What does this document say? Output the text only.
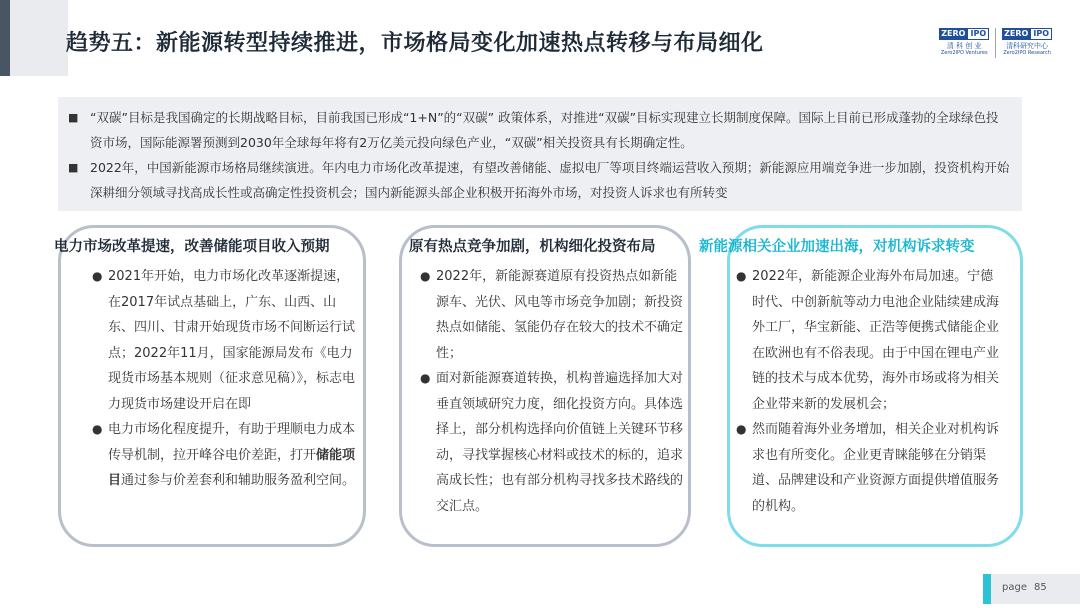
趋势五：新能源转型持续推进，市场格局变化加速热点转移与布局细化	ZERO IPO
清 科 创 业
Zero2IPO Ventures
ZERO IPO
清科研究中心
Zero2IPO Research
■ “双碳”目标是我国确定的长期战略目标，目前我国已形成“1+N”的“双碳” 政策体系，对推进“双碳”目标实现建立长期制度保障。国际上目前已形成蓬勃的全球绿色投资市场，国际能源署预测到2030年全球每年将有2万亿美元投向绿色产业，“双碳”相关投资具有长期确定性。
■ 2022年，中国新能源市场格局继续演进。年内电力市场化改革提速，有望改善储能、虚拟电厂等项目终端运营收入预期；新能源应用端竞争进一步加剧，投资机构开始深耕细分领域寻找高成长性或高确定性投资机会；国内新能源头部企业积极开拓海外市场，对投资人诉求也有所转变
电力市场改革提速，改善储能项目收入预期	原有热点竞争加剧，机构细化投资布局	新能源相关企业加速出海，对机构诉求转变
● 2021年开始，电力市场化改革逐渐提速，在2017年试点基础上，广东、山西、山东、四川、甘肃开始现货市场不间断运行试点；2022年11月，国家能源局发布《电力现货市场基本规则（征求意见稿）》，标志电力现货市场建设开启在即
● 电力市场化程度提升，有助于理顺电力成本传导机制，拉开峰谷电价差距，打开储能项目通过参与价差套利和辅助服务盈利空间。
● 2022年，新能源赛道原有投资热点如新能源车、光伏、风电等市场竞争加剧；新投资热点如储能、氢能仍存在较大的技术不确定性；
● 面对新能源赛道转换，机构普遍选择加大对垂直领域研究力度，细化投资方向。具体选择上，部分机构选择向价值链上关键环节移动，寻找掌握核心材料或技术的标的，追求高成长性；也有部分机构寻找多技术路线的交汇点。
● 2022年，新能源企业海外布局加速。宁德时代、中创新航等动力电池企业陆续建成海外工厂，华宝新能、正浩等便携式储能企业在欧洲也有不俗表现。由于中国在锂电产业链的技术与成本优势，海外市场或将为相关企业带来新的发展机会；
● 然而随着海外业务增加，相关企业对机构诉求也有所变化。企业更青睐能够在分销渠道、品牌建设和产业资源方面提供增值服务的机构。
page 85
